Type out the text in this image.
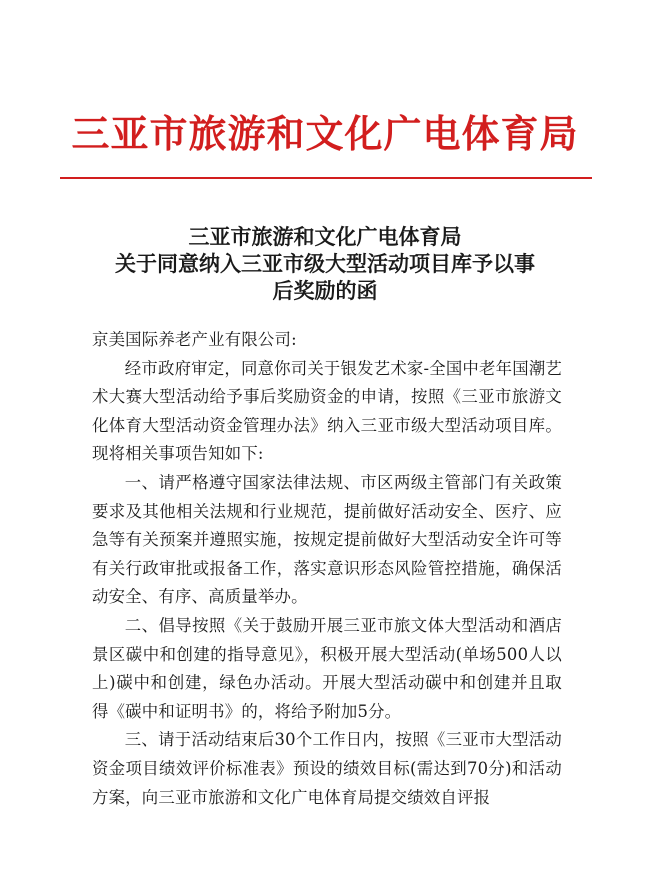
三亚市旅游和文化广电体育局
三亚市旅游和文化广电体育局
关于同意纳入三亚市级大型活动项目库予以事
后奖励的函

京美国际养老产业有限公司:

经市政府审定，同意你司关于银发艺术家-全国中老年国潮艺术大赛大型活动给予事后奖励资金的申请，按照《三亚市旅游文化体育大型活动资金管理办法》纳入三亚市级大型活动项目库。现将相关事项告知如下:

一、请严格遵守国家法律法规、市区两级主管部门有关政策要求及其他相关法规和行业规范，提前做好活动安全、医疗、应急等有关预案并遵照实施，按规定提前做好大型活动安全许可等有关行政审批或报备工作，落实意识形态风险管控措施，确保活动安全、有序、高质量举办。

二、倡导按照《关于鼓励开展三亚市旅文体大型活动和酒店景区碳中和创建的指导意见》，积极开展大型活动(单场500人以上)碳中和创建，绿色办活动。开展大型活动碳中和创建并且取得《碳中和证明书》的，将给予附加5分。

三、请于活动结束后30个工作日内，按照《三亚市大型活动资金项目绩效评价标准表》预设的绩效目标(需达到70分)和活动方案，向三亚市旅游和文化广电体育局提交绩效自评报
